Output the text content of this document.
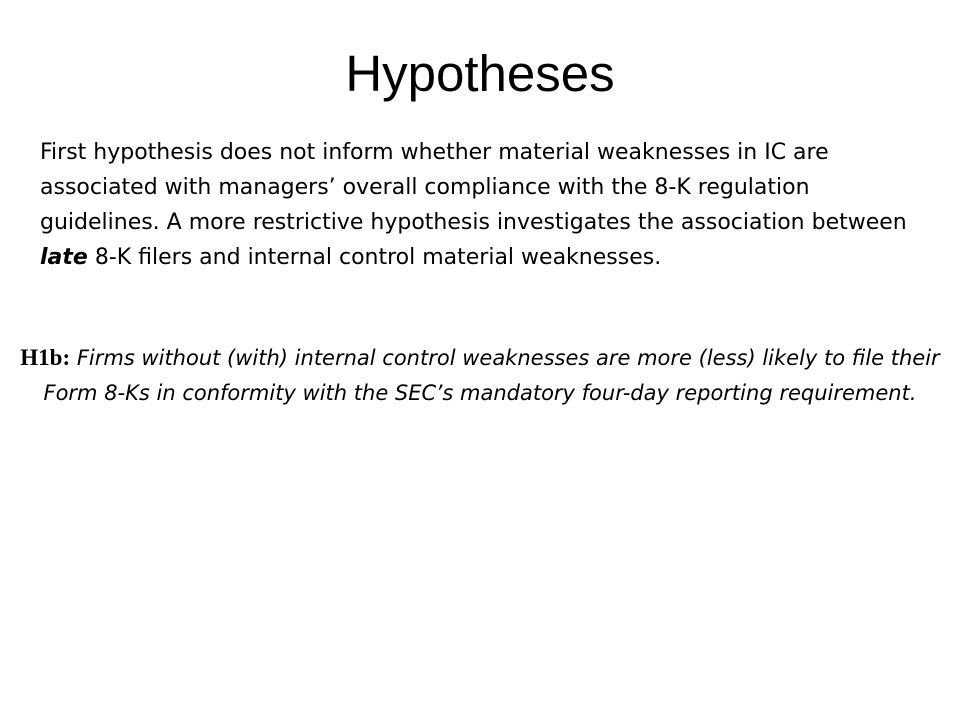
Hypotheses

First hypothesis does not inform whether material weaknesses in IC are associated with managers’ overall compliance with the 8-K regulation guidelines. A more restrictive hypothesis investigates the association between late 8-K filers and internal control material weaknesses.

H1b: Firms without (with) internal control weaknesses are more (less) likely to file their Form 8-Ks in conformity with the SEC’s mandatory four-day reporting requirement.
